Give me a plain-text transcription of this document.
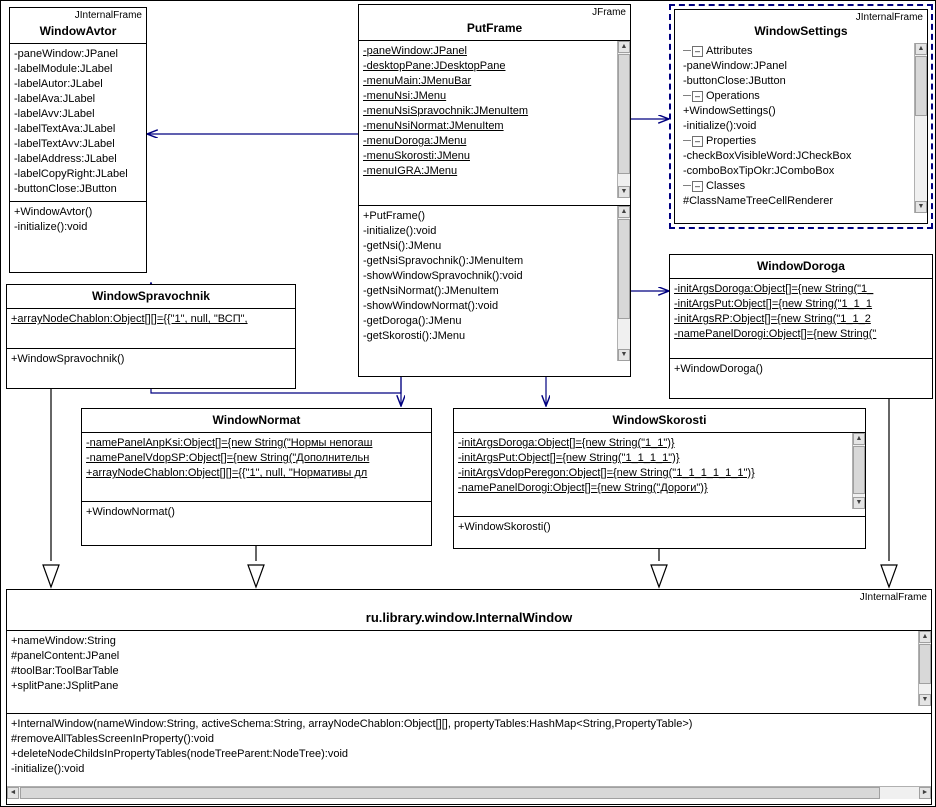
JInternalFrame
WindowAvtor
-paneWindow:JPanel
-labelModule:JLabel
-labelAutor:JLabel
-labelAva:JLabel
-labelAvv:JLabel
-labelTextAva:JLabel
-labelTextAvv:JLabel
-labelAddress:JLabel
-labelCopyRight:JLabel
-buttonClose:JButton
+WindowAvtor()
-initialize():void
JFrame
PutFrame
-paneWindow:JPanel
-desktopPane:JDesktopPane
-menuMain:JMenuBar
-menuNsi:JMenu
-menuNsiSpravochnik:JMenuItem
-menuNsiNormat:JMenuItem
-menuDoroga:JMenu
-menuSkorosti:JMenu
-menuIGRA:JMenu
▲
▼
+PutFrame()
-initialize():void
-getNsi():JMenu
-getNsiSpravochnik():JMenuItem
-showWindowSpravochnik():void
-getNsiNormat():JMenuItem
-showWindowNormat():void
-getDoroga():JMenu
-getSkorosti():JMenu
▲
▼
JInternalFrame
WindowSettings
– Attributes
-paneWindow:JPanel
-buttonClose:JButton
– Operations
+WindowSettings()
-initialize():void
– Properties
-checkBoxVisibleWord:JCheckBox
-comboBoxTipOkr:JComboBox
– Classes
#ClassNameTreeCellRenderer
▲
▼
WindowSpravochnik
+arrayNodeChablon:Object[][]={{"1", null, "ВСП",
+WindowSpravochnik()
WindowDoroga
-initArgsDoroga:Object[]={new String("1_
-initArgsPut:Object[]={new String("1_1_1
-initArgsRP:Object[]={new String("1_1_2
-namePanelDorogi:Object[]={new String("
+WindowDoroga()
WindowNormat
-namePanelAnpKsi:Object[]={new String("Нормы непогаш
-namePanelVdopSP:Object[]={new String("Дополнительн
+arrayNodeChablon:Object[][]={{"1", null, "Нормативы дл
+WindowNormat()
WindowSkorosti
-initArgsDoroga:Object[]={new String("1_1")}
-initArgsPut:Object[]={new String("1_1_1_1")}
-initArgsVdopPeregon:Object[]={new String("1_1_1_1_1_1")}
-namePanelDorogi:Object[]={new String("Дороги")}
▲
▼
+WindowSkorosti()
JInternalFrame
ru.library.window.InternalWindow
+nameWindow:String
#panelContent:JPanel
#toolBar:ToolBarTable
+splitPane:JSplitPane
▲
▼
+InternalWindow(nameWindow:String, activeSchema:String, arrayNodeChablon:Object[][], propertyTables:HashMap<String,PropertyTable>)
#removeAllTablesScreenInProperty():void
+deleteNodeChildsInPropertyTables(nodeTreeParent:NodeTree):void
-initialize():void
◄	►
